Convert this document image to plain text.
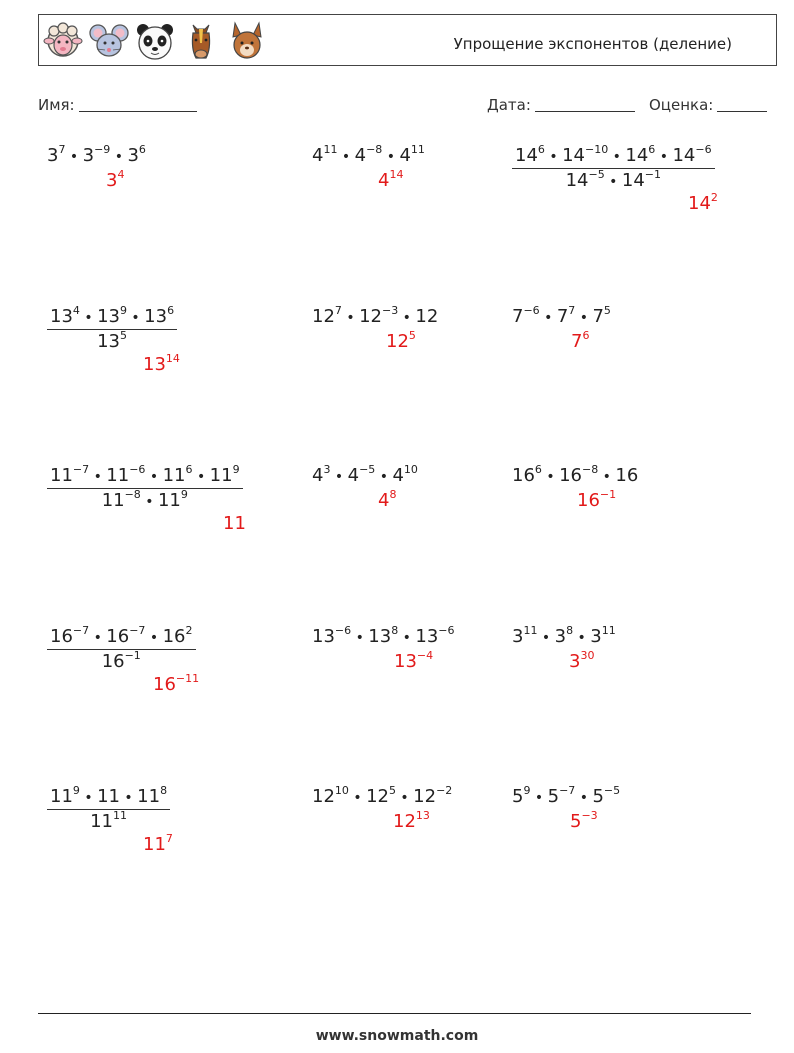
Упрощение экспонентов (деление)
Имя:	Дата:	Оценка:
$3^7$ • $3^{-9}$ • $3^6$
$3^4$
$4^{11}$ • $4^{-8}$ • $4^{11}$
$4^{14}$	$\frac{14^6 • 14^{-10} • 14^6 • 14^{-6}}{14^{-5} • 14^{-1}}$
$14^2$
$\frac{13^4 • 13^9 • 13^6}{13^5}$
$13^{14}$
$12^7$ • $12^{-3}$ • 12
$12^5$
$7^{-6}$ • $7^7$ • $7^5$
$7^6$
$\frac{11^{-7} • 11^{-6} • 11^6 • 11^9}{11^{-8} • 11^9}$
11
$4^3$ • $4^{-5}$ • $4^{10}$
$4^8$
$16^6$ • $16^{-8}$ • 16
$16^{-1}$
$\frac{16^{-7} • 16^{-7} • 16^2}{16^{-1}}$
$16^{-11}$
$13^{-6}$ • $13^8$ • $13^{-6}$
$13^{-4}$
$3^{11}$ • $3^8$ • $3^{11}$
$3^{30}$
$\frac{11^9 • 11 • 11^8}{11^{11}}$
$11^7$
$12^{10}$ • $12^5$ • $12^{-2}$
$12^{13}$
$5^9$ • $5^{-7}$ • $5^{-5}$
$5^{-3}$
www.snowmath.com
